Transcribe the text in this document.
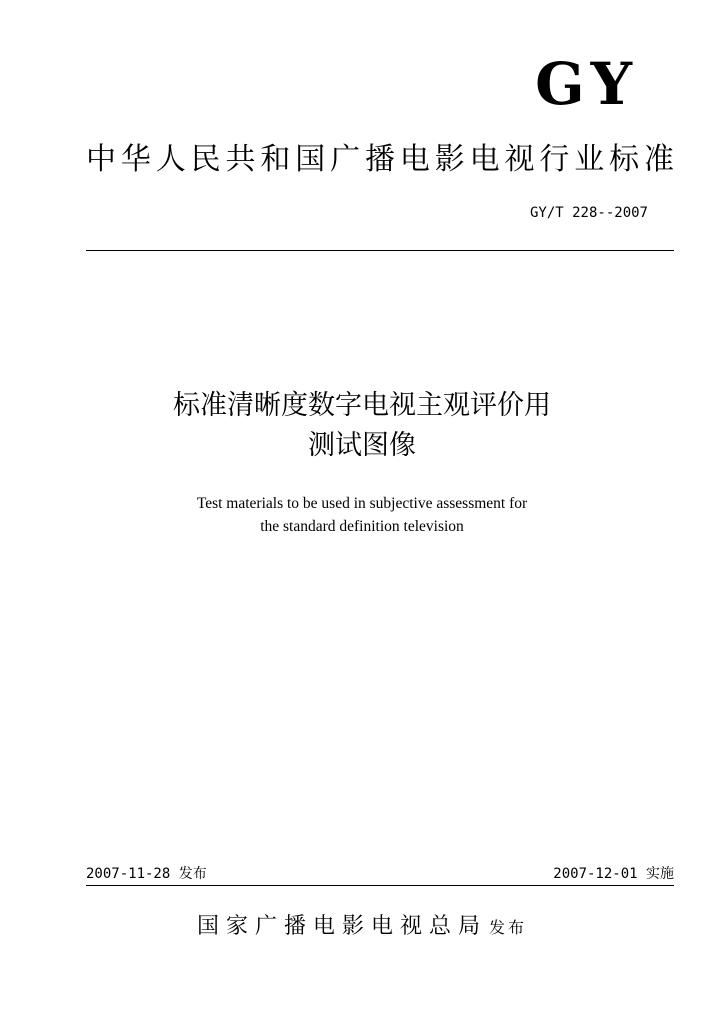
GY
中华人民共和国广播电影电视行业标准
GY/T 228--2007
标准清晰度数字电视主观评价用
测试图像
Test materials to be used in subjective assessment for
the standard definition television
2007-11-28 发布	2007-12-01 实施
国家广播电影电视总局 发布
